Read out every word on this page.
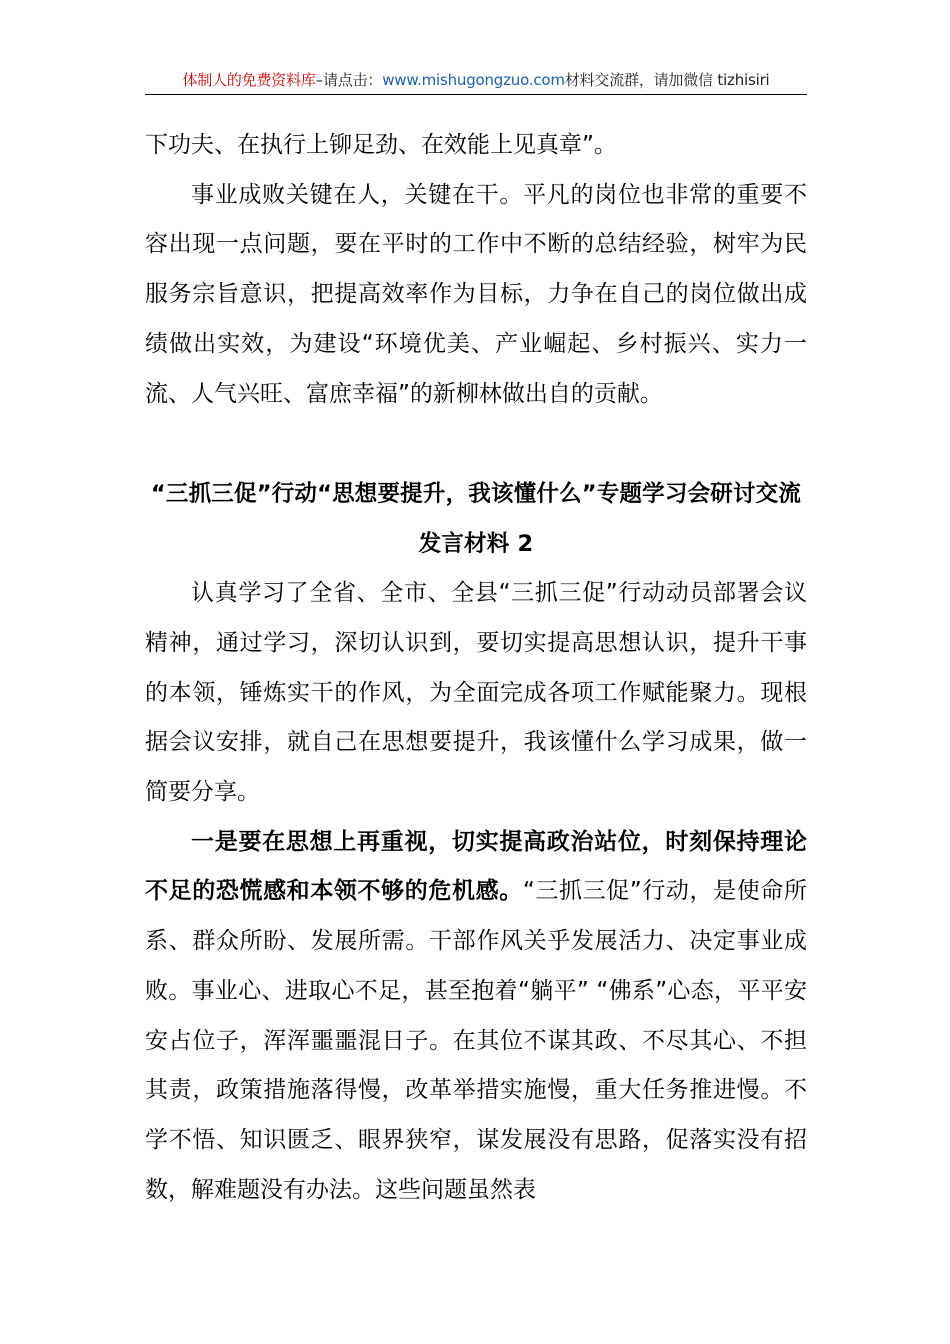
体制人的免费资料库–请点击：www.mishugongzuo.com材料交流群，请加微信 tizhisiri

下功夫、在执行上铆足劲、在效能上见真章”。

事业成败关键在人，关键在干。平凡的岗位也非常的重要不容出现一点问题，要在平时的工作中不断的总结经验，树牢为民服务宗旨意识，把提高效率作为目标，力争在自己的岗位做出成绩做出实效，为建设“环境优美、产业崛起、乡村振兴、实力一流、人气兴旺、富庶幸福”的新柳林做出自的贡献。

“三抓三促”行动“思想要提升，我该懂什么”专题学习会研讨交流发言材料 2

认真学习了全省、全市、全县“三抓三促”行动动员部署会议精神，通过学习，深切认识到，要切实提高思想认识，提升干事的本领，锤炼实干的作风，为全面完成各项工作赋能聚力。现根据会议安排，就自己在思想要提升，我该懂什么学习成果，做一简要分享。

一是要在思想上再重视，切实提高政治站位，时刻保持理论不足的恐慌感和本领不够的危机感。“三抓三促”行动，是使命所系、群众所盼、发展所需。干部作风关乎发展活力、决定事业成败。事业心、进取心不足，甚至抱着“躺平” “佛系”心态，平平安安占位子，浑浑噩噩混日子。在其位不谋其政、不尽其心、不担其责，政策措施落得慢，改革举措实施慢，重大任务推进慢。不学不悟、知识匮乏、眼界狭窄，谋发展没有思路，促落实没有招数，解难题没有办法。这些问题虽然表
